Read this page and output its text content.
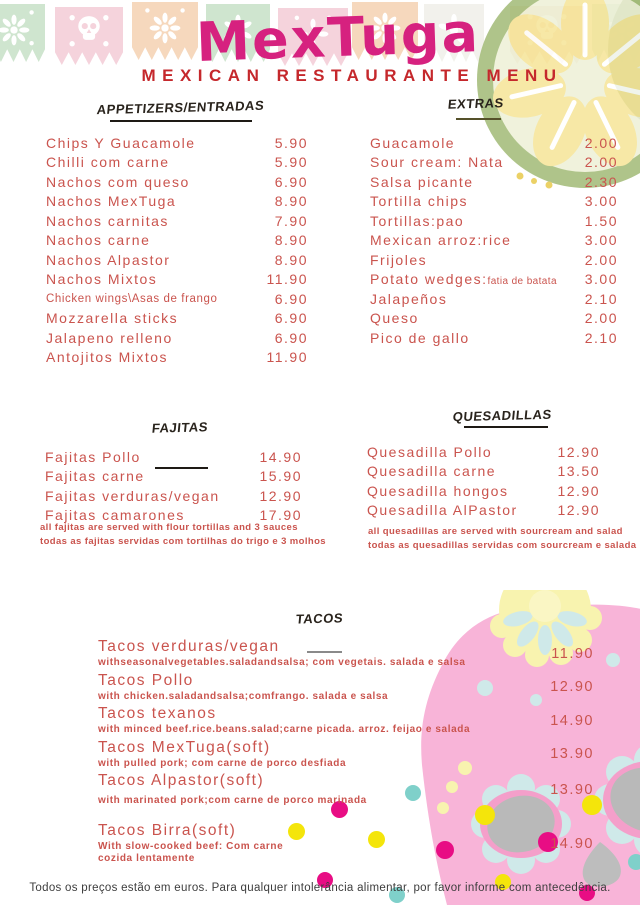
MexTuga
MEXICAN RESTAURANTE MENU
APPETIZERS/ENTRADAS
Chips Y Guacamole	5.90
Chilli com carne	5.90
Nachos com queso	6.90
Nachos MexTuga	8.90
Nachos carnitas	7.90
Nachos carne	8.90
Nachos Alpastor	8.90
Nachos Mixtos	11.90
Chicken wings\Asas de frango	6.90
Mozzarella sticks	6.90
Jalapeno relleno	6.90
Antojitos Mixtos	11.90
EXTRAS
Guacamole	2.00
Sour cream: Nata	2.00
Salsa picante	2.30
Tortilla chips	3.00
Tortillas:pao	1.50
Mexican arroz:rice	3.00
Frijoles	2.00
Potato wedges:fatia de batata 3.00
Jalapeños	2.10
Queso	2.00
Pico de gallo	2.10
FAJITAS
Fajitas Pollo	14.90
Fajitas carne	15.90
Fajitas verduras/vegan	12.90
Fajitas camarones	17.90
all fajitas are served with flour tortillas and 3 sauces
todas as fajitas servidas com tortilhas do trigo e 3 molhos
QUESADILLAS
Quesadilla Pollo	12.90
Quesadilla carne	13.50
Quesadilla hongos	12.90
Quesadilla AlPastor	12.90
all quesadillas are served with sourcream and salad
todas as quesadillas servidas com sourcream e salada
TACOS
Tacos verduras/vegan
withseasonalvegetables.saladandsalsa; com vegetais. salada e salsa
11.90
Tacos Pollo
with chicken.saladandsalsa;comfrango. salada e salsa
12.90
Tacos texanos
with minced beef.rice.beans.salad;carne picada. arroz. feijao e salada
14.90
Tacos MexTuga(soft)
with pulled pork; com carne de porco desfiada
13.90
Tacos Alpastor(soft)
with marinated pork;com carne de porco marinada
13.90
Tacos Birra(soft)
With slow-cooked beef: Com carne cozida lentamente
14.90
Todos os preços estão em euros. Para qualquer intolerância alimentar, por favor informe com antecedência.
